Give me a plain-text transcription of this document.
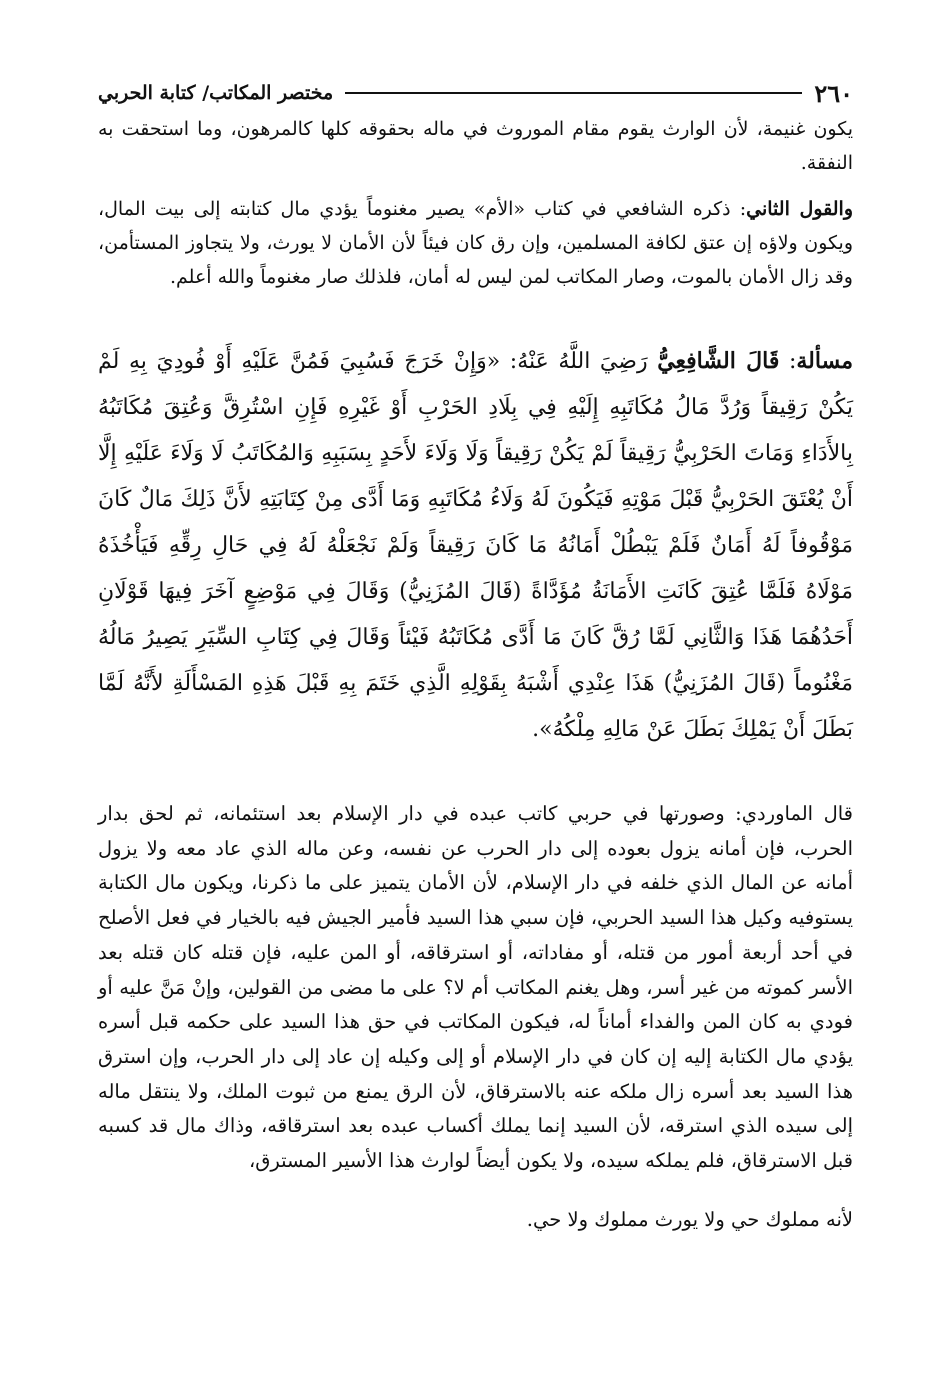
٢٦٠
مختصر المكاتب/ كتابة الحربي

يكون غنيمة، لأن الوارث يقوم مقام الموروث في ماله بحقوقه كلها كالمرهون، وما استحقت به النفقة.

والقول الثاني: ذكره الشافعي في كتاب «الأم» يصير مغنوماً يؤدي مال كتابته إلى بيت المال، ويكون ولاؤه إن عتق لكافة المسلمين، وإن رق كان فيئاً لأن الأمان لا يورث، ولا يتجاوز المستأمن، وقد زال الأمان بالموت، وصار المكاتب لمن ليس له أمان، فلذلك صار مغنوماً والله أعلم.

مسألة: قَالَ الشَّافِعِيُّ رَضِيَ اللَّهُ عَنْهُ: «وَإِنْ خَرَجَ فَسُبِيَ فَمُنَّ عَلَيْهِ أَوْ فُودِيَ بِهِ لَمْ يَكُنْ رَقِيقاً وَرُدَّ مَالُ مُكَاتَبِهِ إِلَيْهِ فِي بِلَادِ الحَرْبِ أَوْ غَيْرِهِ فَإِنِ اسْتُرِقَّ وَعُتِقَ مُكَاتَبُهُ بِالأَدَاءِ وَمَاتَ الحَرْبِيُّ رَقِيقاً لَمْ يَكُنْ رَقِيقاً وَلَا وَلَاءَ لأَحَدٍ بِسَبَبِهِ وَالمُكَاتَبُ لَا وَلَاءَ عَلَيْهِ إِلَّا أَنْ يُعْتَقَ الحَرْبِيُّ قَبْلَ مَوْتِهِ فَيَكُونَ لَهُ وَلَاءُ مُكَاتَبِهِ وَمَا أَدَّى مِنْ كِتَابَتِهِ لأَنَّ ذَلِكَ مَالٌ كَانَ مَوْقُوفاً لَهُ أَمَانٌ فَلَمْ يَبْطُلْ أَمَانُهُ مَا كَانَ رَقِيقاً وَلَمْ نَجْعَلْهُ لَهُ فِي حَالِ رِقِّهِ فَيَأْخُذَهُ مَوْلَاهُ فَلَمَّا عُتِقَ كَانَتِ الأَمَانَةُ مُؤَدَّاةً (قَالَ المُزَنِيُّ) وَقَالَ فِي مَوْضِعٍ آخَرَ فِيهَا قَوْلَانِ أَحَدُهُمَا هَذَا وَالثَّانِي لَمَّا رُقَّ كَانَ مَا أَدَّى مُكَاتَبُهُ فَيْئاً وَقَالَ فِي كِتَابِ السِّيَرِ يَصِيرُ مَالُهُ مَغْنُوماً (قَالَ المُزَنِيُّ) هَذَا عِنْدِي أَشْبَهُ بِقَوْلِهِ الَّذِي خَتَمَ بِهِ قَبْلَ هَذِهِ المَسْأَلَةِ لأَنَّهُ لَمَّا بَطَلَ أَنْ يَمْلِكَ بَطَلَ عَنْ مَالِهِ مِلْكُهُ».

قال الماوردي: وصورتها في حربي كاتب عبده في دار الإسلام بعد استئمانه، ثم لحق بدار الحرب، فإن أمانه يزول بعوده إلى دار الحرب عن نفسه، وعن ماله الذي عاد معه ولا يزول أمانه عن المال الذي خلفه في دار الإسلام، لأن الأمان يتميز على ما ذكرنا، ويكون مال الكتابة يستوفيه وكيل هذا السيد الحربي، فإن سبي هذا السيد فأمير الجيش فيه بالخيار في فعل الأصلح في أحد أربعة أمور من قتله، أو مفاداته، أو استرقاقه، أو المن عليه، فإن قتله كان قتله بعد الأسر كموته من غير أسر، وهل يغنم المكاتب أم لا؟ على ما مضى من القولين، وإنْ مَنَّ عليه أو فودي به كان المن والفداء أماناً له، فيكون المكاتب في حق هذا السيد على حكمه قبل أسره يؤدي مال الكتابة إليه إن كان في دار الإسلام أو إلى وكيله إن عاد إلى دار الحرب، وإن استرق هذا السيد بعد أسره زال ملكه عنه بالاسترقاق، لأن الرق يمنع من ثبوت الملك، ولا ينتقل ماله إلى سيده الذي استرقه، لأن السيد إنما يملك أكساب عبده بعد استرقاقه، وذاك مال قد كسبه قبل الاسترقاق، فلم يملكه سيده، ولا يكون أيضاً لوارث هذا الأسير المسترق،

لأنه مملوك حي ولا يورث مملوك ولا حي.
